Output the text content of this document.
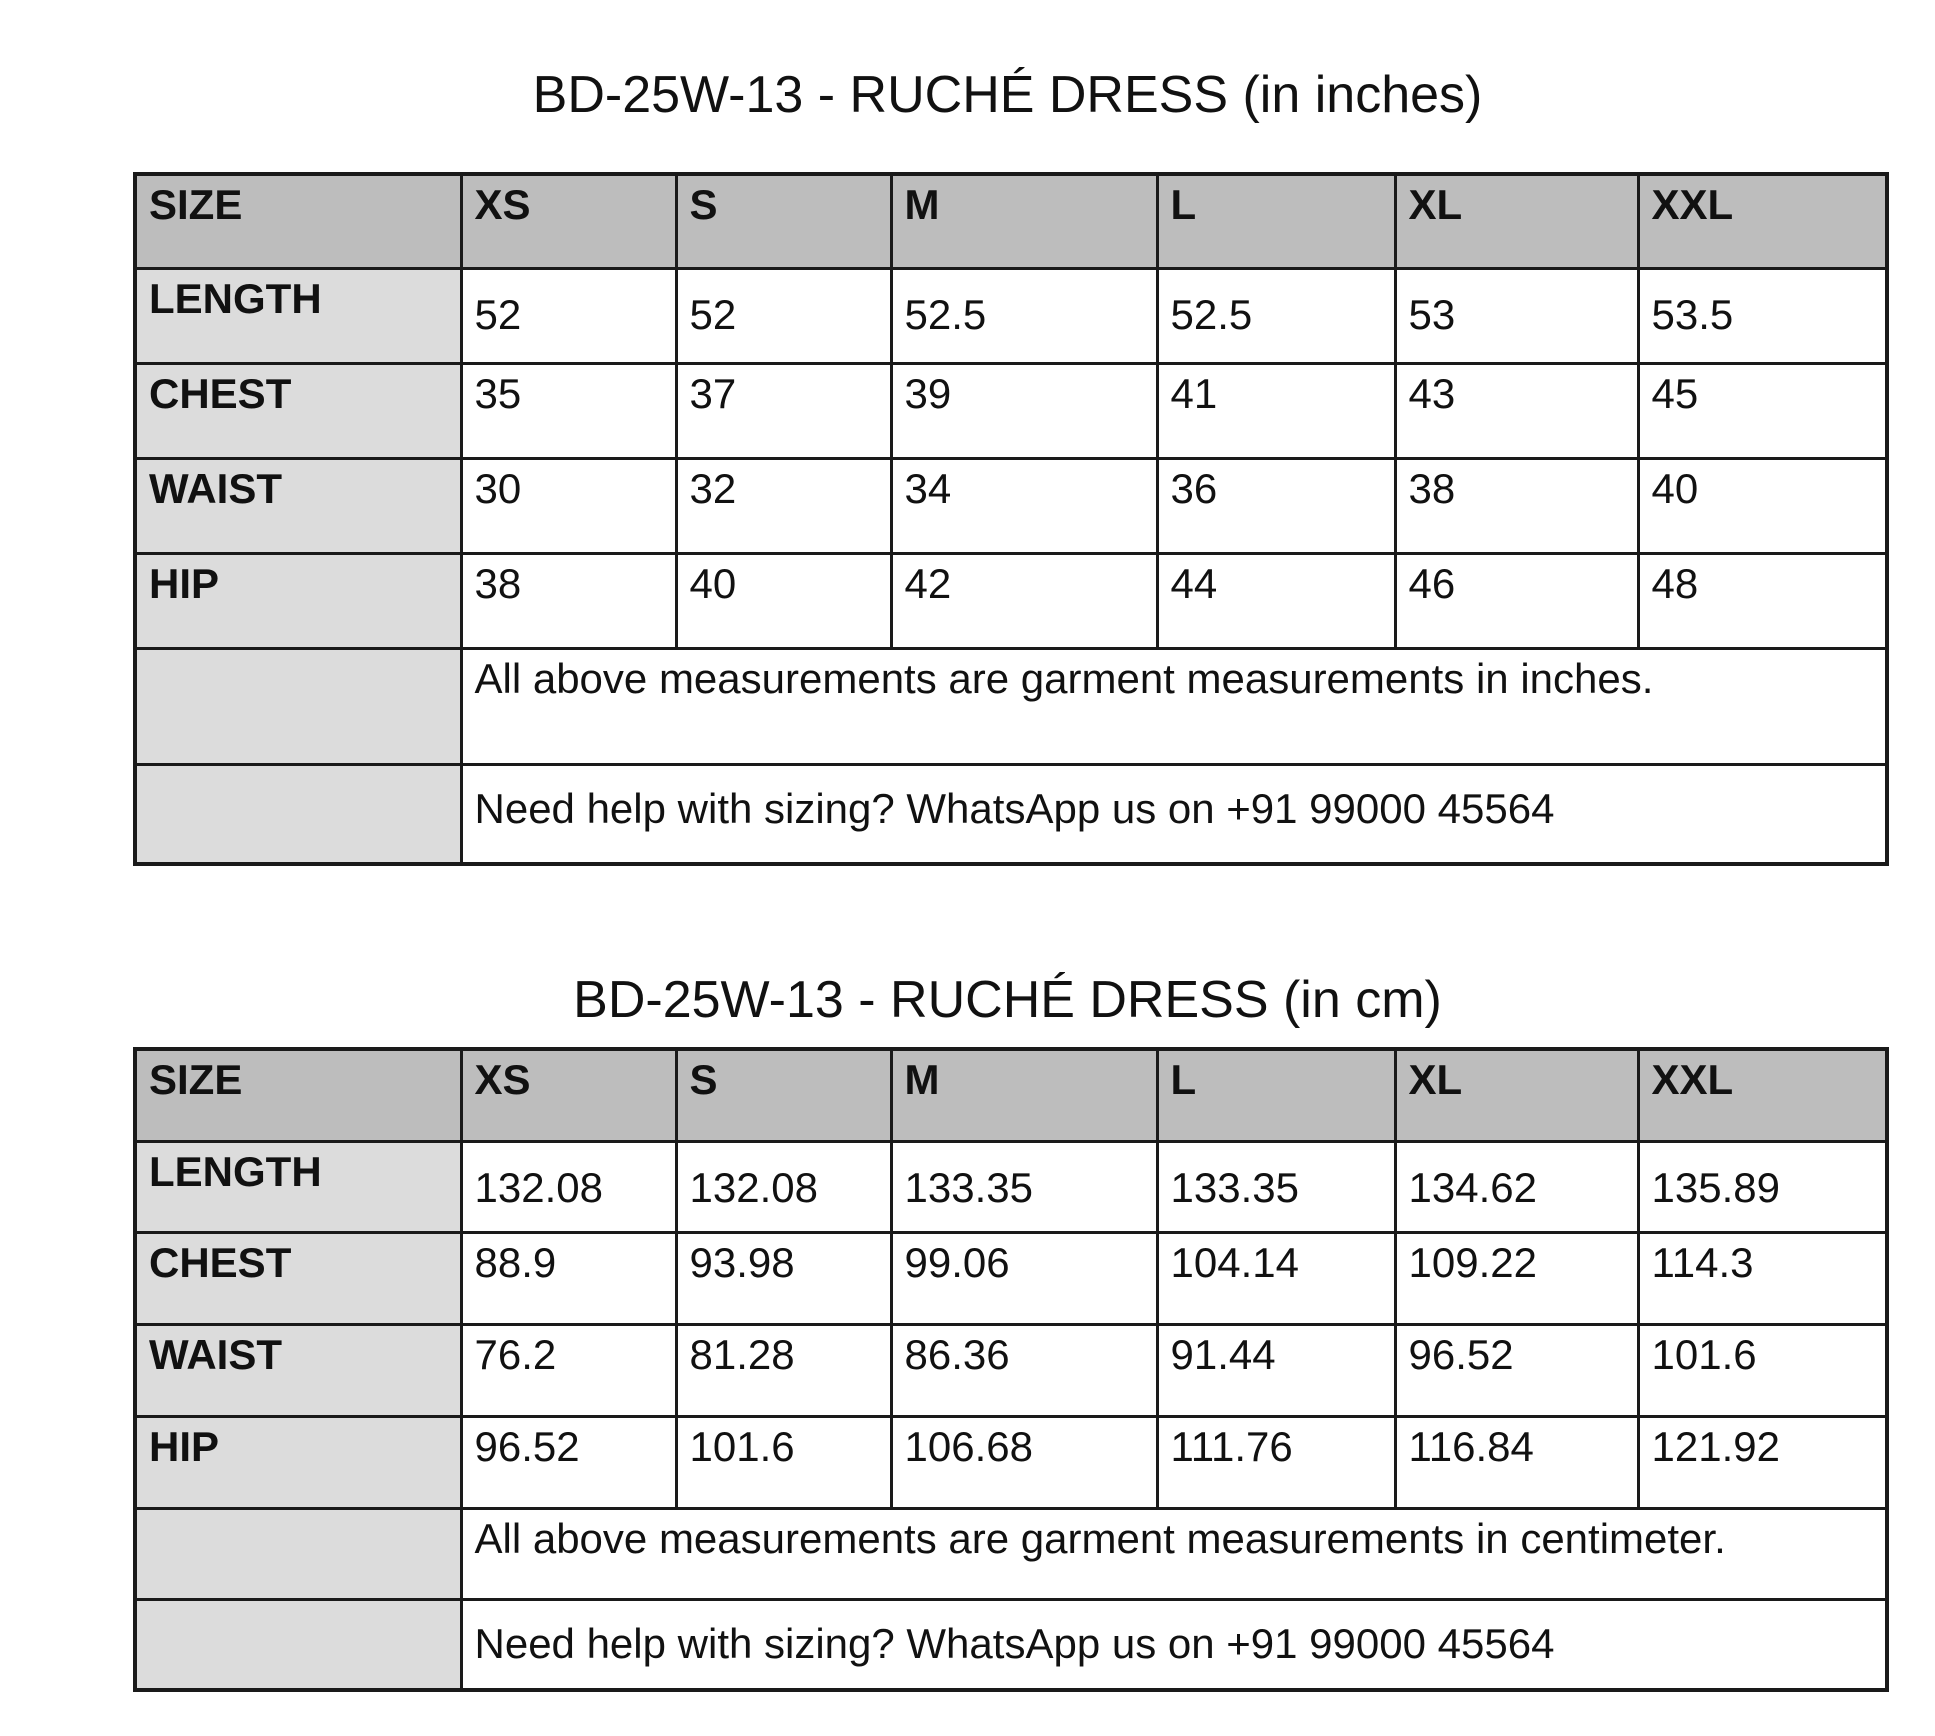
BD-25W-13 - RUCHÉ DRESS (in inches)
SIZE	XS	S	M	L	XL	XXL
LENGTH	52	52	52.5	52.5	53	53.5
CHEST	35	37	39	41	43	45
WAIST	30	32	34	36	38	40
HIP	38	40	42	44	46	48
	All above measurements are garment measurements in inches.					
	Need help with sizing? WhatsApp us on +91 99000 45564					
BD-25W-13 - RUCHÉ DRESS (in cm)
SIZE	XS	S	M	L	XL	XXL
LENGTH	132.08	132.08	133.35	133.35	134.62	135.89
CHEST	88.9	93.98	99.06	104.14	109.22	114.3
WAIST	76.2	81.28	86.36	91.44	96.52	101.6
HIP	96.52	101.6	106.68	111.76	116.84	121.92
	All above measurements are garment measurements in centimeter.					
	Need help with sizing? WhatsApp us on +91 99000 45564					
